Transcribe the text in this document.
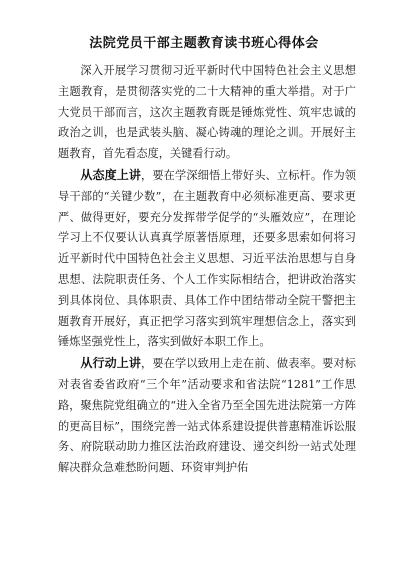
法院党员干部主题教育读书班心得体会

深入开展学习贯彻习近平新时代中国特色社会主义思想主题教育，是贯彻落实党的二十大精神的重大举措。对于广大党员干部而言，这次主题教育既是锤炼党性、筑牢忠诚的政治之训，也是武装头脑、凝心铸魂的理论之训。开展好主题教育，首先看态度，关键看行动。

从态度上讲，要在学深细悟上带好头、立标杆。作为领导干部的“关键少数”，在主题教育中必须标准更高、要求更严、做得更好，要充分发挥带学促学的“头雁效应”，在理论学习上不仅要认认真真学原著悟原理，还要多思索如何将习近平新时代中国特色社会主义思想、习近平法治思想与自身思想、法院职责任务、个人工作实际相结合，把讲政治落实到具体岗位、具体职责、具体工作中团结带动全院干警把主题教育开展好，真正把学习落实到筑牢理想信念上，落实到锤炼坚强党性上，落实到做好本职工作上。

从行动上讲，要在学以致用上走在前、做表率。要对标对表省委省政府“三个年”活动要求和省法院“1281”工作思路，聚焦院党组确立的“进入全省乃至全国先进法院第一方阵的更高目标”，围绕完善一站式体系建设提供普惠精准诉讼服务、府院联动助力推区法治政府建设、递交纠纷一站式处理解决群众急难愁盼问题、环资审判护佑
